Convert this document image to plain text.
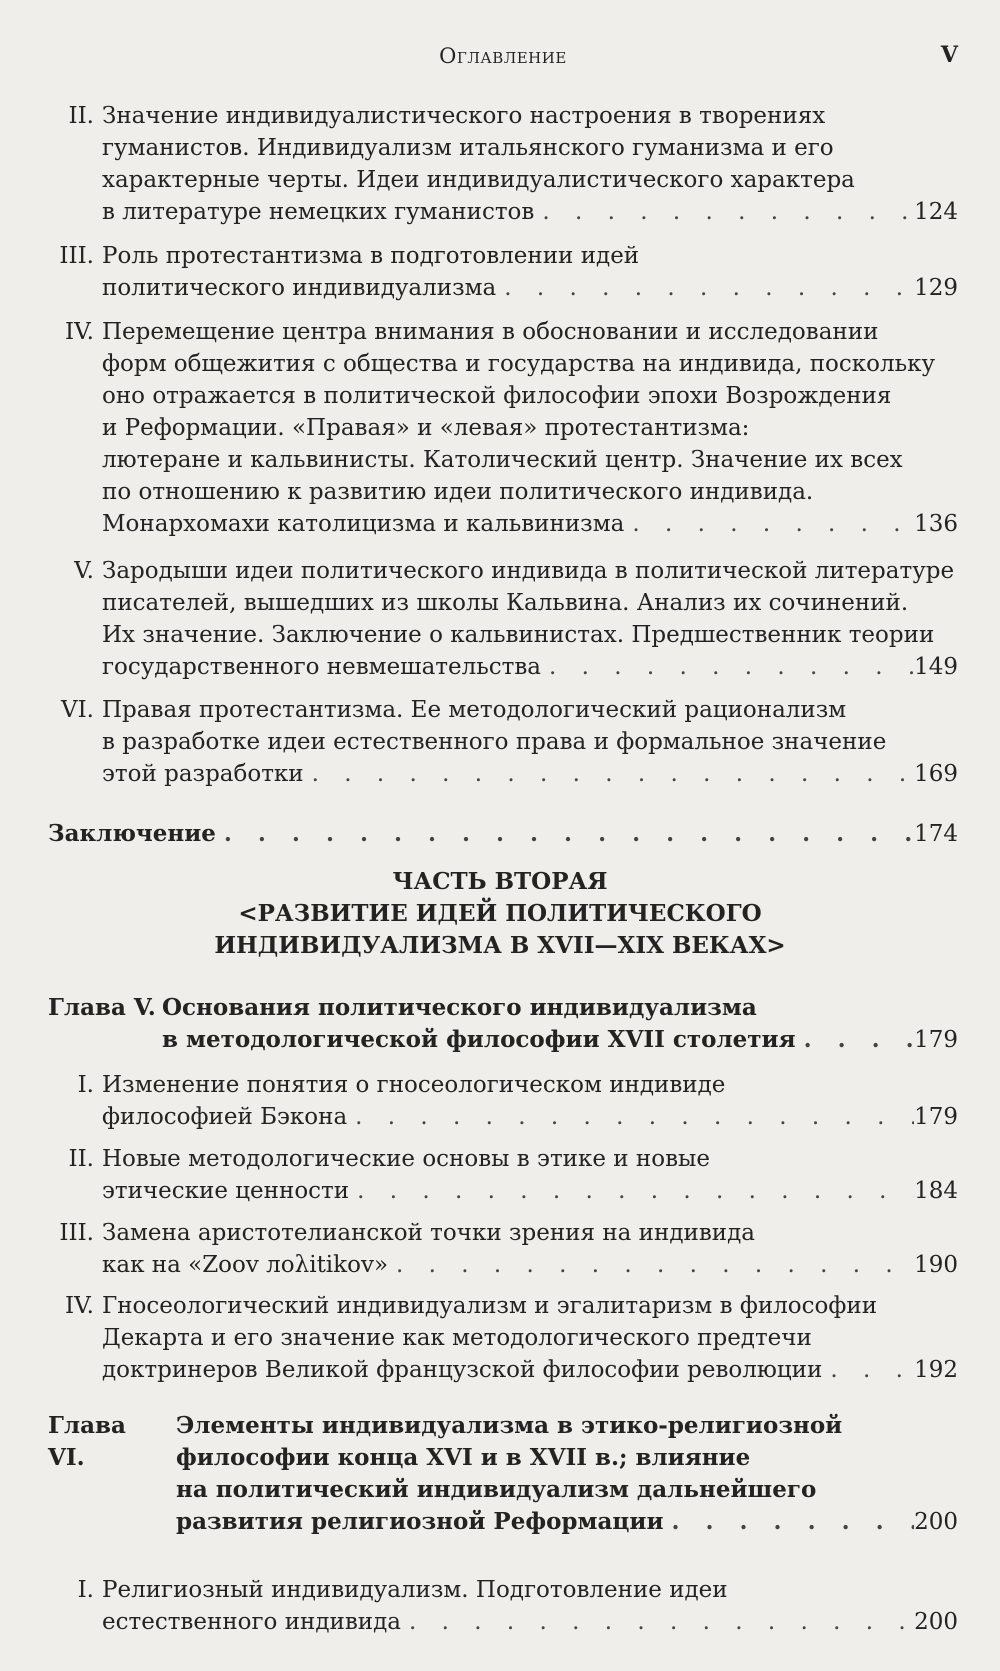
Оглавление	V
II. Значение индивидуалистического настроения в творениях
гуманистов. Индивидуализм итальянского гуманизма и его
характерные черты. Идеи индивидуалистического характера
в литературе немецких гуманистов . . .	124
III. Роль протестантизма в подготовлении идей
политического индивидуализма . . .	129
IV. Перемещение центра внимания в обосновании и исследовании
форм общежития с общества и государства на индивида, поскольку
оно отражается в политической философии эпохи Возрождения
и Реформации. «Правая» и «левая» протестантизма:
лютеране и кальвинисты. Католический центр. Значение их всех
по отношению к развитию идеи политического индивида.
Монархомахи католицизма и кальвинизма . . .	136
V. Зародыши идеи политического индивида в политической литературе
писателей, вышедших из школы Кальвина. Анализ их сочинений.
Их значение. Заключение о кальвинистах. Предшественник теории
государственного невмешательства . . .	149
VI. Правая протестантизма. Ее методологический рационализм
в разработке идеи естественного права и формальное значение
этой разработки . . .	169
Заключение . . .	174
ЧАСТЬ ВТОРАЯ
<РАЗВИТИЕ ИДЕЙ ПОЛИТИЧЕСКОГО
ИНДИВИДУАЛИЗМА В XVII—XIX ВЕКАХ>
Глава V. Основания политического индивидуализма
в методологической философии XVII столетия . . .	179
I. Изменение понятия о гносеологическом индивиде
философией Бэкона . . .	179
II. Новые методологические основы в этике и новые
этические ценности . . .	184
III. Замена аристотелианской точки зрения на индивида
как на «Zoov лoλitikov» . . .	190
IV. Гносеологический индивидуализм и эгалитаризм в философии
Декарта и его значение как методологического предтечи
доктринеров Великой французской философии революции . . .	192
Глава VI.
Элементы индивидуализма в этико-религиозной
философии конца XVI и в XVII в.; влияние
на политический индивидуализм дальнейшего
развития религиозной Реформации . . .	200
I. Религиозный индивидуализм. Подготовление идеи
естественного индивида . . .	200
